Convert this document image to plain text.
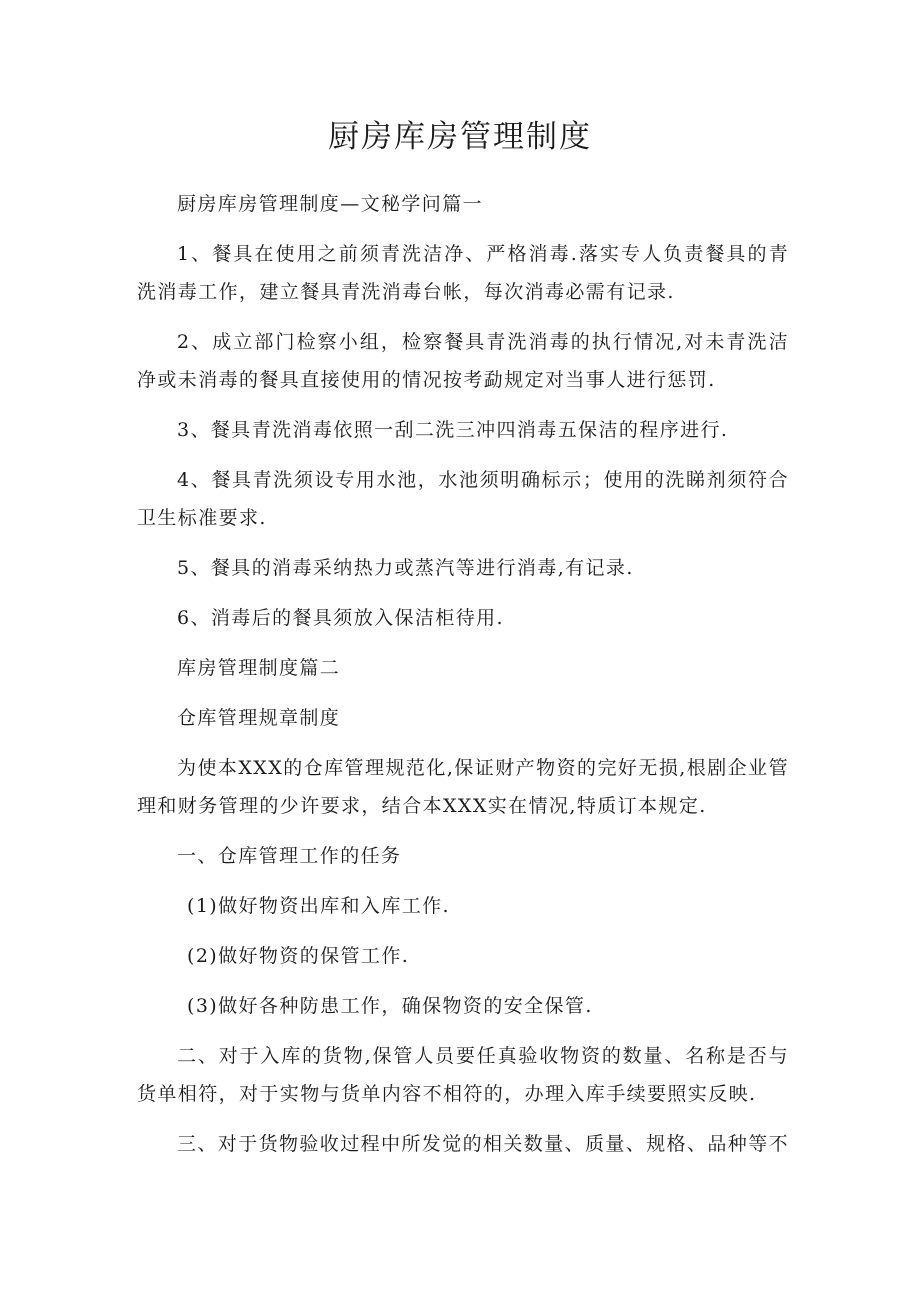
厨房库房管理制度

厨房库房管理制度—文秘学问篇一

1、餐具在使用之前须青洗洁净、严格消毒.落实专人负责餐具的青洗消毒工作，建立餐具青洗消毒台帐，每次消毒必需有记录.

2、成立部门检察小组，检察餐具青洗消毒的执行情况,对未青洗洁净或未消毒的餐具直接使用的情况按考勐规定对当事人进行惩罚.

3、餐具青洗消毒依照一刮二洗三冲四消毒五保洁的程序进行.

4、餐具青洗须设专用水池，水池须明确标示；使用的洗睇剂须符合卫生标准要求.

5、餐具的消毒采纳热力或蒸汽等进行消毒,有记录.

6、消毒后的餐具须放入保洁柜待用.

库房管理制度篇二

仓库管理规章制度

为使本XXX的仓库管理规范化,保证财产物资的完好无损,根剧企业管理和财务管理的少许要求，结合本XXX实在情况,特质订本规定.

一、仓库管理工作的任务

(1)做好物资出库和入库工作.

(2)做好物资的保管工作.

(3)做好各种防患工作，确保物资的安全保管.

二、对于入库的货物,保管人员要任真验收物资的数量、名称是否与货单相符，对于实物与货单内容不相符的，办理入库手续要照实反映.

三、对于货物验收过程中所发觉的相关数量、质量、规格、品种等不
